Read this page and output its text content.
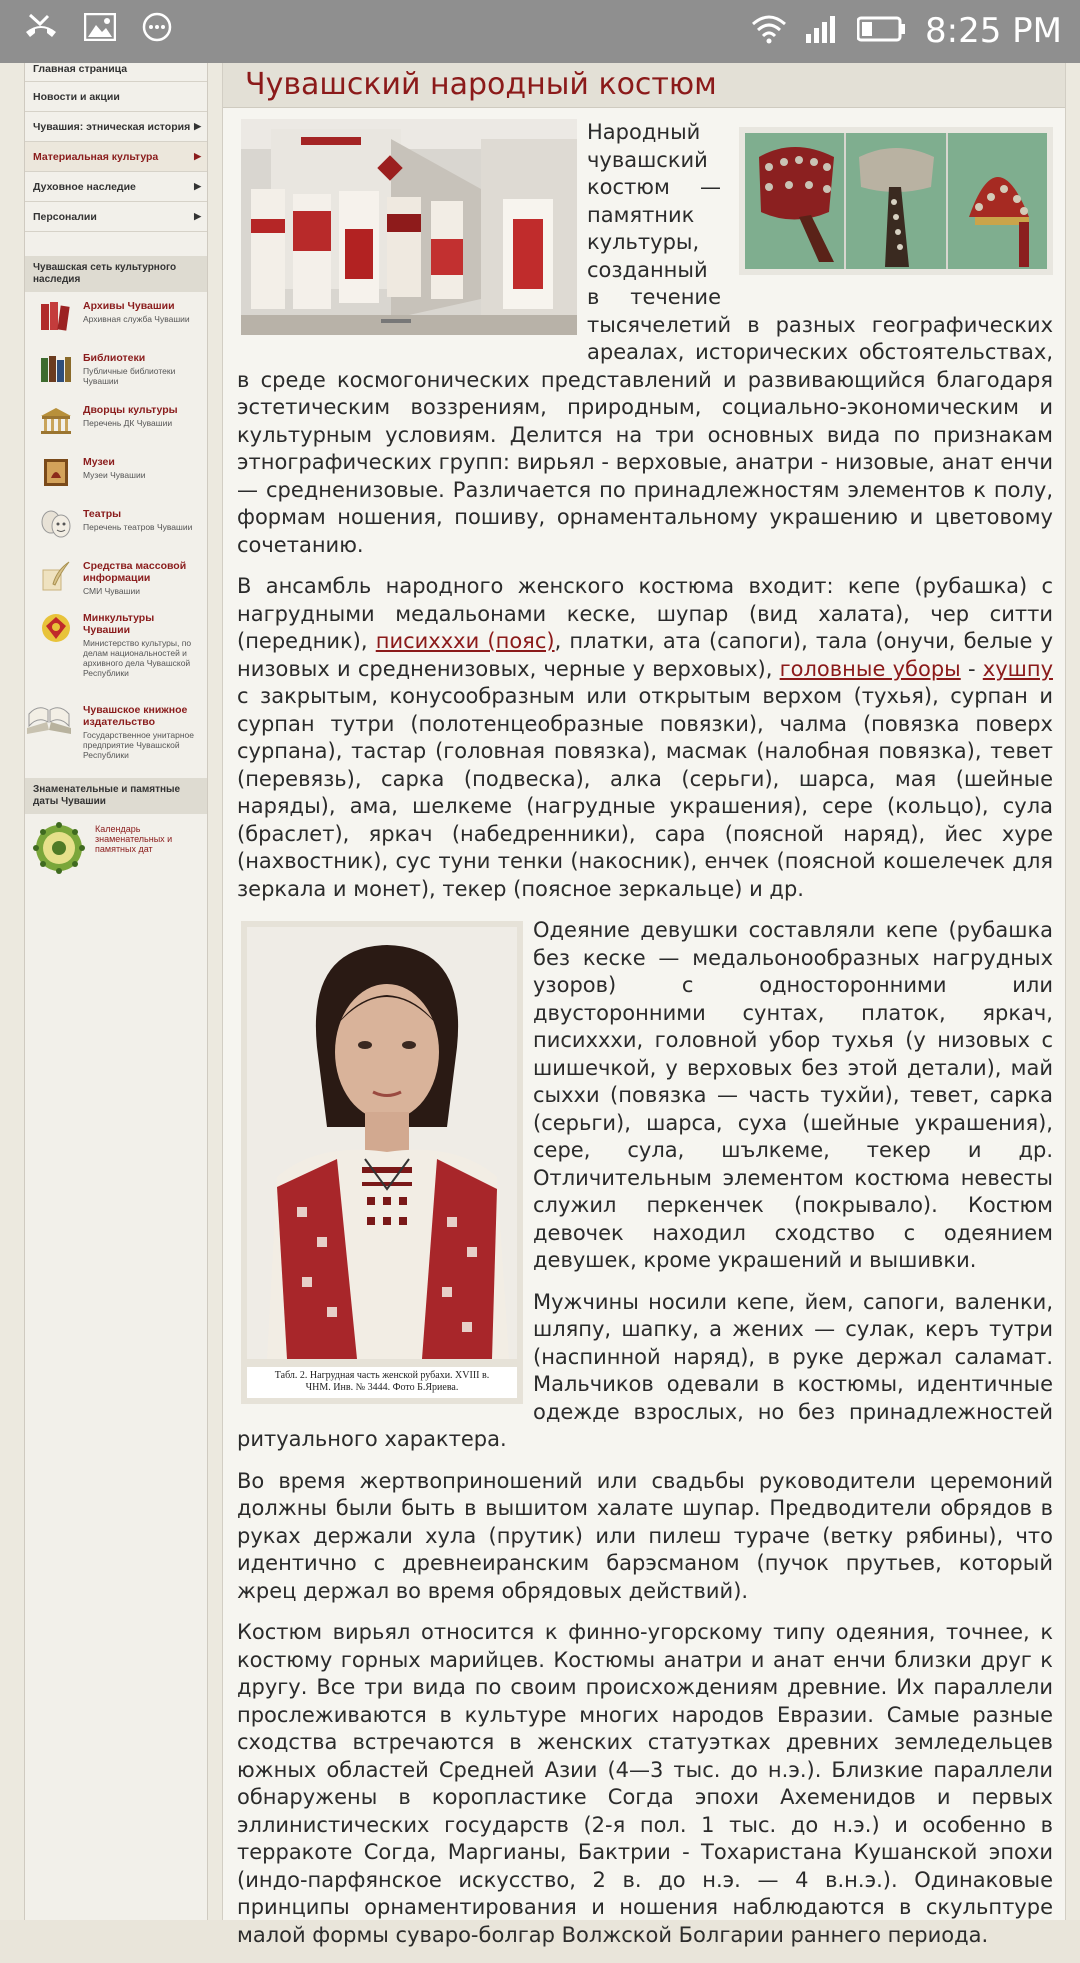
8:25 PM
Главная страница
Новости и акции
Чувашия: этническая история ▶
Материальная культура	▶
Духовное наследие	▶
Персоналии	▶
Чувашская сеть культурного наследия
Архивы Чувашии
Архивная служба Чувашии
Библиотеки
Публичные библиотеки Чувашии
Дворцы культуры
Перечень ДК Чувашии
Музеи
Музеи Чувашии
Театры
Перечень театров Чувашии
Средства массовой информации
СМИ Чувашии
Минкультуры Чувашии
Министерство культуры, по делам национальностей и архивного дела Чувашской Республики
Чувашское книжное издательство
Государственное унитарное предприятие Чувашской Республики
Знаменательные и памятные даты Чувашии
Календарь знаменательных и памятных дат
Чувашский народный костюм

Народный чувашский костюм — памятник культуры, созданный в течение тысячелетий в разных географических ареалах, исторических обстоятельствах, в среде космогонических представлений и развивающийся благодаря эстетическим воззрениям, природным, социально-экономическим и культурным условиям. Делится на три основных вида по признакам этнографических групп: вирьял - верховые, анатри - низовые, анат енчи — средненизовые. Различается по принадлежностям элементов к полу, формам ношения, пошиву, орнаментальному украшению и цветовому сочетанию.

В ансамбль народного женского костюма входит: кепе (рубашка) с нагрудными медальонами кеске, шупар (вид халата), чер ситти (передник), писихххи (пояс), платки, ата (сапоги), тала (онучи, белые у низовых и средненизовых, черные у верховых), головные уборы - хушпу с закрытым, конусообразным или открытым верхом (тухья), сурпан и сурпан тутри (полотенцеобразные повязки), чалма (повязка поверх сурпана), тастар (головная повязка), масмак (налобная повязка), тевет (перевязь), сарка (подвеска), алка (серьги), шарса, мая (шейные наряды), ама, шелкеме (нагрудные украшения), сере (кольцо), сула (браслет), яркач (набедренники), сара (поясной наряд), йес хуре (нахвостник), сус туни тенки (накосник), енчек (поясной кошелечек для зеркала и монет), текер (поясное зеркальце) и др.

Табл. 2. Нагрудная часть женской рубахи. XVIII в.
ЧНМ. Инв. № 3444. Фото Б.Яриева.

Одеяние девушки составляли кепе (рубашка без кеске — медальонообразных нагрудных узоров) с односторонними или двусторонними сунтах, платок, яркач, писихххи, головной убор тухья (у низовых с шишечкой, у верховых без этой детали), май сыххи (повязка — часть тухйи), тевет, сарка (серьги), шарса, суха (шейные украшения), сере, сула, шълкеме, текер и др. Отличительным элементом костюма невесты служил перкенчек (покрывало). Костюм девочек находил сходство с одеянием девушек, кроме украшений и вышивки.

Мужчины носили кепе, йем, сапоги, валенки, шляпу, шапку, а жених — сулак, керъ тутри (наспинной наряд), в руке держал саламат. Мальчиков одевали в костюмы, идентичные одежде взрослых, но без принадлежностей ритуального характера.

Во время жертвоприношений или свадьбы руководители церемоний должны были быть в вышитом халате шупар. Предводители обрядов в руках держали хула (прутик) или пилеш тураче (ветку рябины), что идентично с древнеиранским барэсманом (пучок прутьев, который жрец держал во время обрядовых действий).

Костюм вирьял относится к финно-угорскому типу одеяния, точнее, к костюму горных марийцев. Костюмы анатри и анат енчи близки друг к другу. Все три вида по своим происхождениям древние. Их параллели прослеживаются в культуре многих народов Евразии. Самые разные сходства встречаются в женских статуэтках древних земледельцев южных областей Средней Азии (4—3 тыс. до н.э.). Близкие параллели обнаружены в коропластике Согда эпохи Ахеменидов и первых эллинистических государств (2-я пол. 1 тыс. до н.э.) и особенно в терракоте Согда, Маргианы, Бактрии - Тохаристана Кушанской эпохи (индо-парфянское искусство, 2 в. до н.э. — 4 в.н.э.). Одинаковые принципы орнаментирования и ношения наблюдаются в скульптуре малой формы суваро-болгар Волжской Болгарии раннего периода.
